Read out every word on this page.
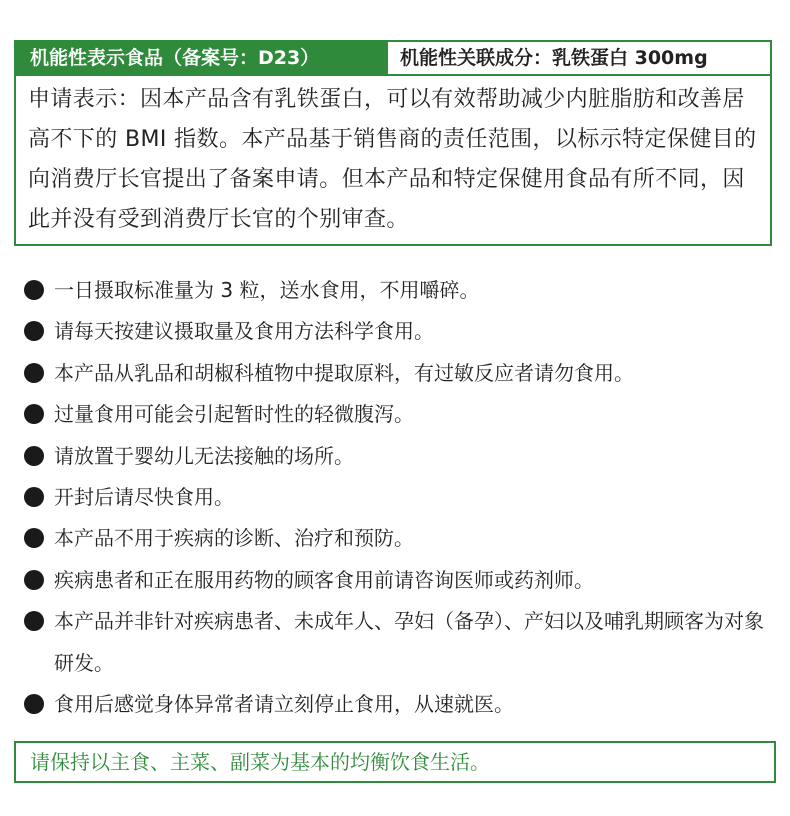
机能性表示食品（备案号：D23）	机能性关联成分：乳铁蛋白 300mg
申请表示：因本产品含有乳铁蛋白，可以有效帮助减少内脏脂肪和改善居高不下的 BMI 指数。本产品基于销售商的责任范围，以标示特定保健目的向消费厅长官提出了备案申请。但本产品和特定保健用食品有所不同，因此并没有受到消费厅长官的个别审查。
一日摄取标准量为 3 粒，送水食用，不用嚼碎。
请每天按建议摄取量及食用方法科学食用。
本产品从乳品和胡椒科植物中提取原料，有过敏反应者请勿食用。
过量食用可能会引起暂时性的轻微腹泻。
请放置于婴幼儿无法接触的场所。
开封后请尽快食用。
本产品不用于疾病的诊断、治疗和预防。
疾病患者和正在服用药物的顾客食用前请咨询医师或药剂师。
本产品并非针对疾病患者、未成年人、孕妇（备孕）、产妇以及哺乳期顾客为对象研发。
食用后感觉身体异常者请立刻停止食用，从速就医。
请保持以主食、主菜、副菜为基本的均衡饮食生活。
